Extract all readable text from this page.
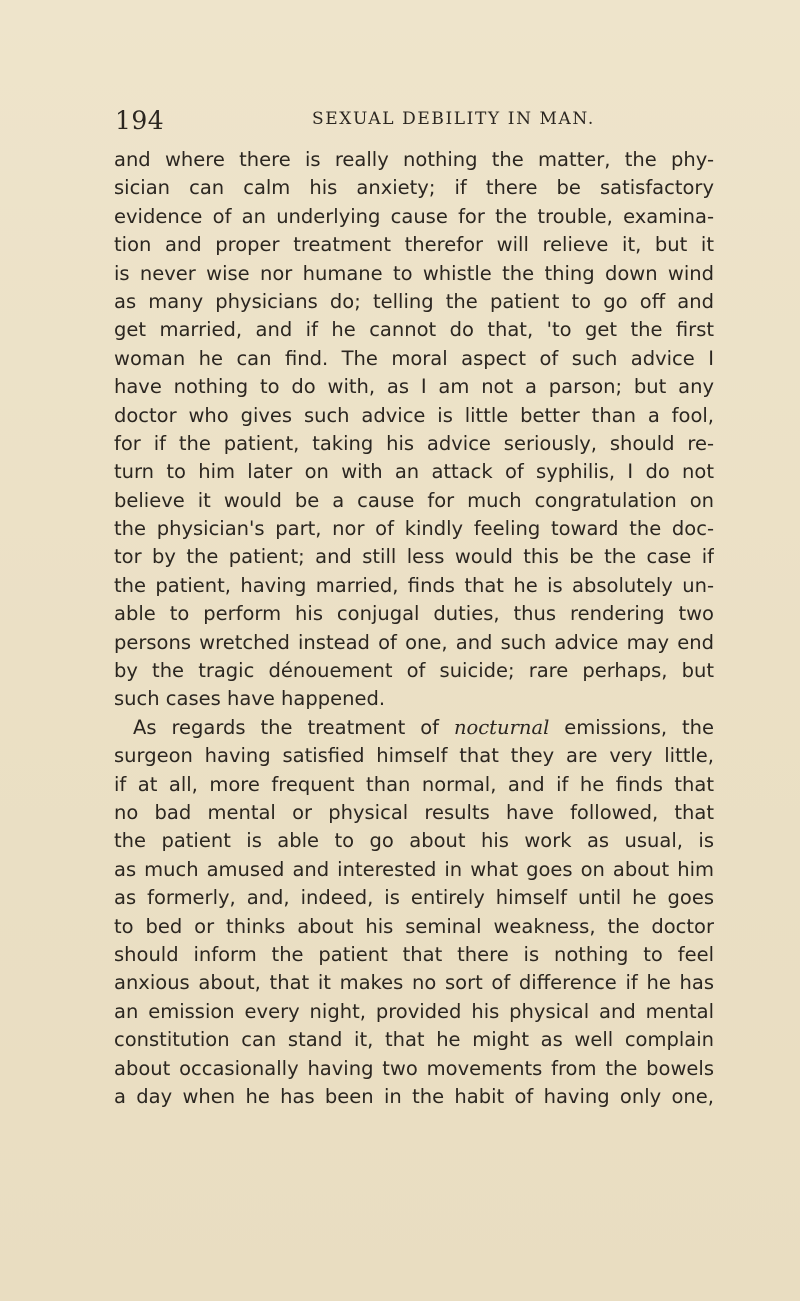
194	SEXUAL DEBILITY IN MAN.
and where there is really nothing the matter, the phy-
sician can calm his anxiety; if there be satisfactory
evidence of an underlying cause for the trouble, examina-
tion and proper treatment therefor will relieve it, but it
is never wise nor humane to whistle the thing down wind
as many physicians do; telling the patient to go off and
get married, and if he cannot do that, 'to get the first
woman he can find. The moral aspect of such advice I
have nothing to do with, as I am not a parson; but any
doctor who gives such advice is little better than a fool,
for if the patient, taking his advice seriously, should re-
turn to him later on with an attack of syphilis, I do not
believe it would be a cause for much congratulation on
the physician's part, nor of kindly feeling toward the doc-
tor by the patient; and still less would this be the case if
the patient, having married, finds that he is absolutely un-
able to perform his conjugal duties, thus rendering two
persons wretched instead of one, and such advice may end
by the tragic dénouement of suicide; rare perhaps, but
such cases have happened.
As regards the treatment of nocturnal emissions, the
surgeon having satisfied himself that they are very little,
if at all, more frequent than normal, and if he finds that
no bad mental or physical results have followed, that
the patient is able to go about his work as usual, is
as much amused and interested in what goes on about him
as formerly, and, indeed, is entirely himself until he goes
to bed or thinks about his seminal weakness, the doctor
should inform the patient that there is nothing to feel
anxious about, that it makes no sort of difference if he has
an emission every night, provided his physical and mental
constitution can stand it, that he might as well complain
about occasionally having two movements from the bowels
a day when he has been in the habit of having only one,
